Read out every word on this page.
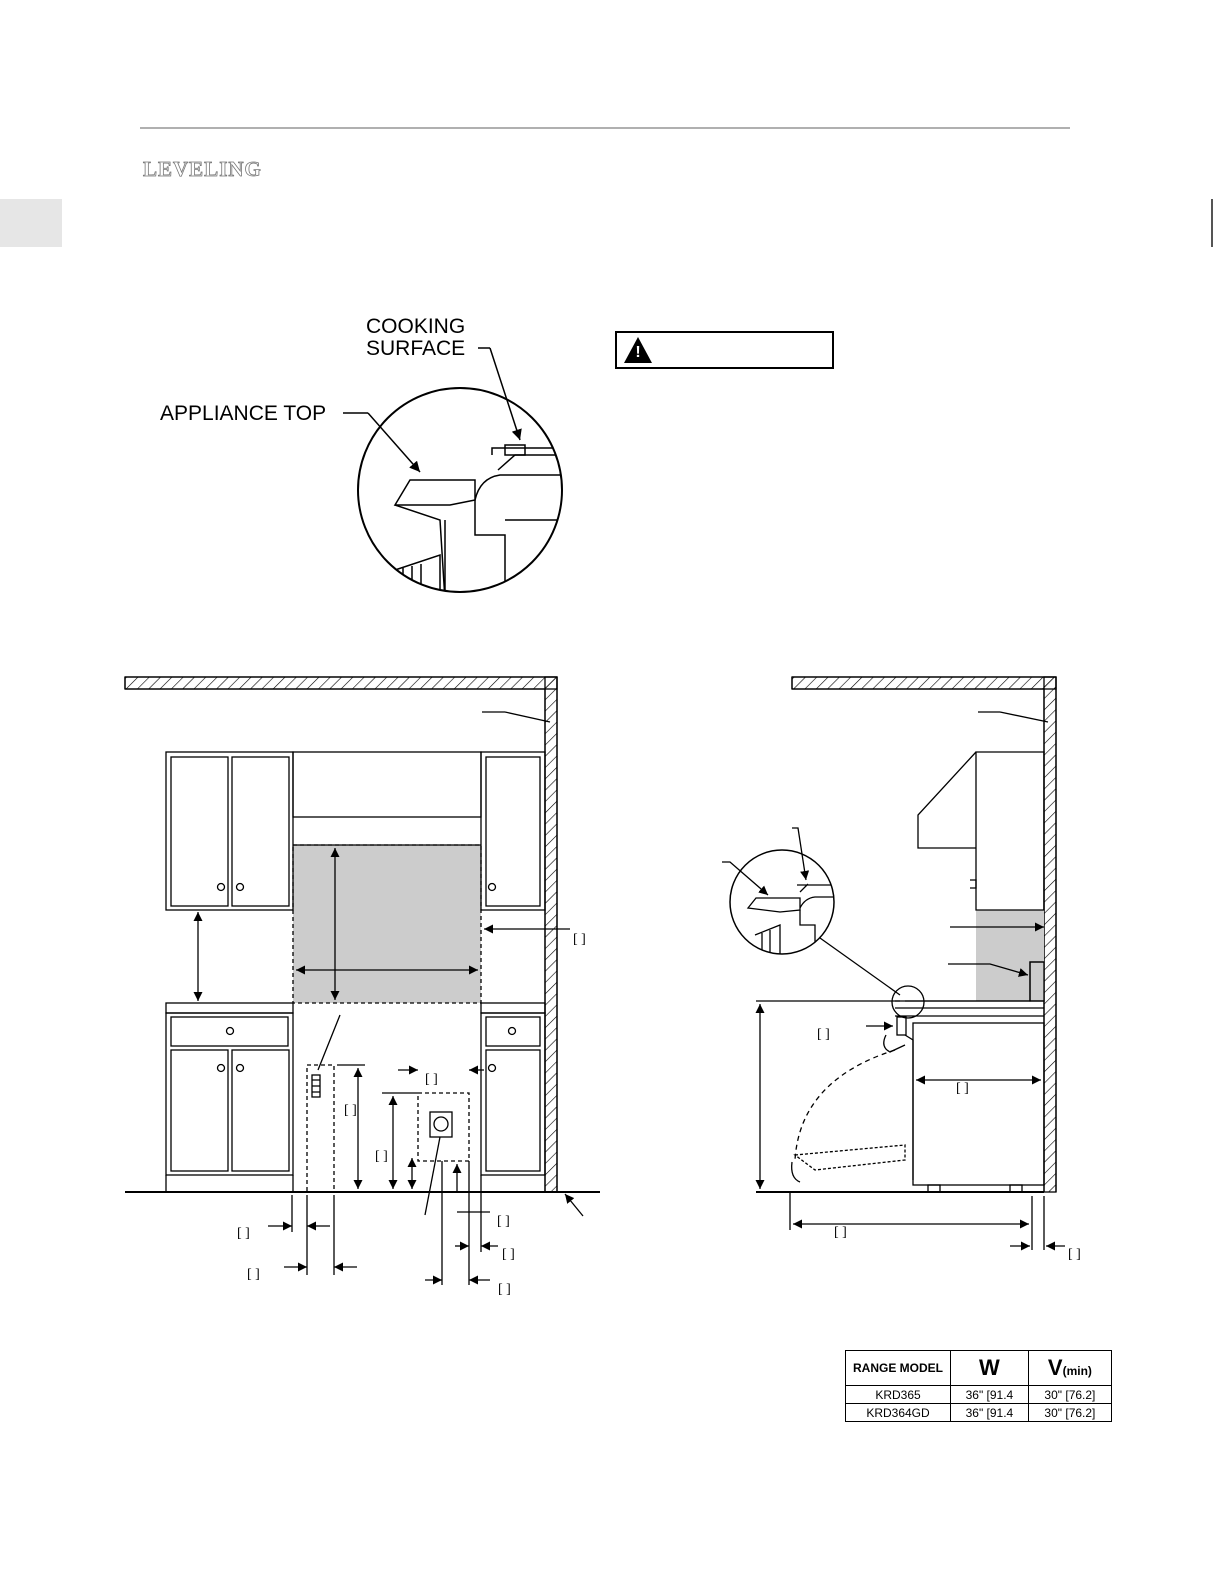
LEVELING
COOKING
SURFACE
APPLIANCE TOP
!
[ ]
[ ]
[ ]
[ ]
[ ]
[ ]
[ ]
[ ]
[ ]
[ ]
[ ]
[ ]
[ ]
RANGE MODEL	W	V(min)
KRD365	36" [91.4	30" [76.2]
KRD364GD	36" [91.4	30" [76.2]
